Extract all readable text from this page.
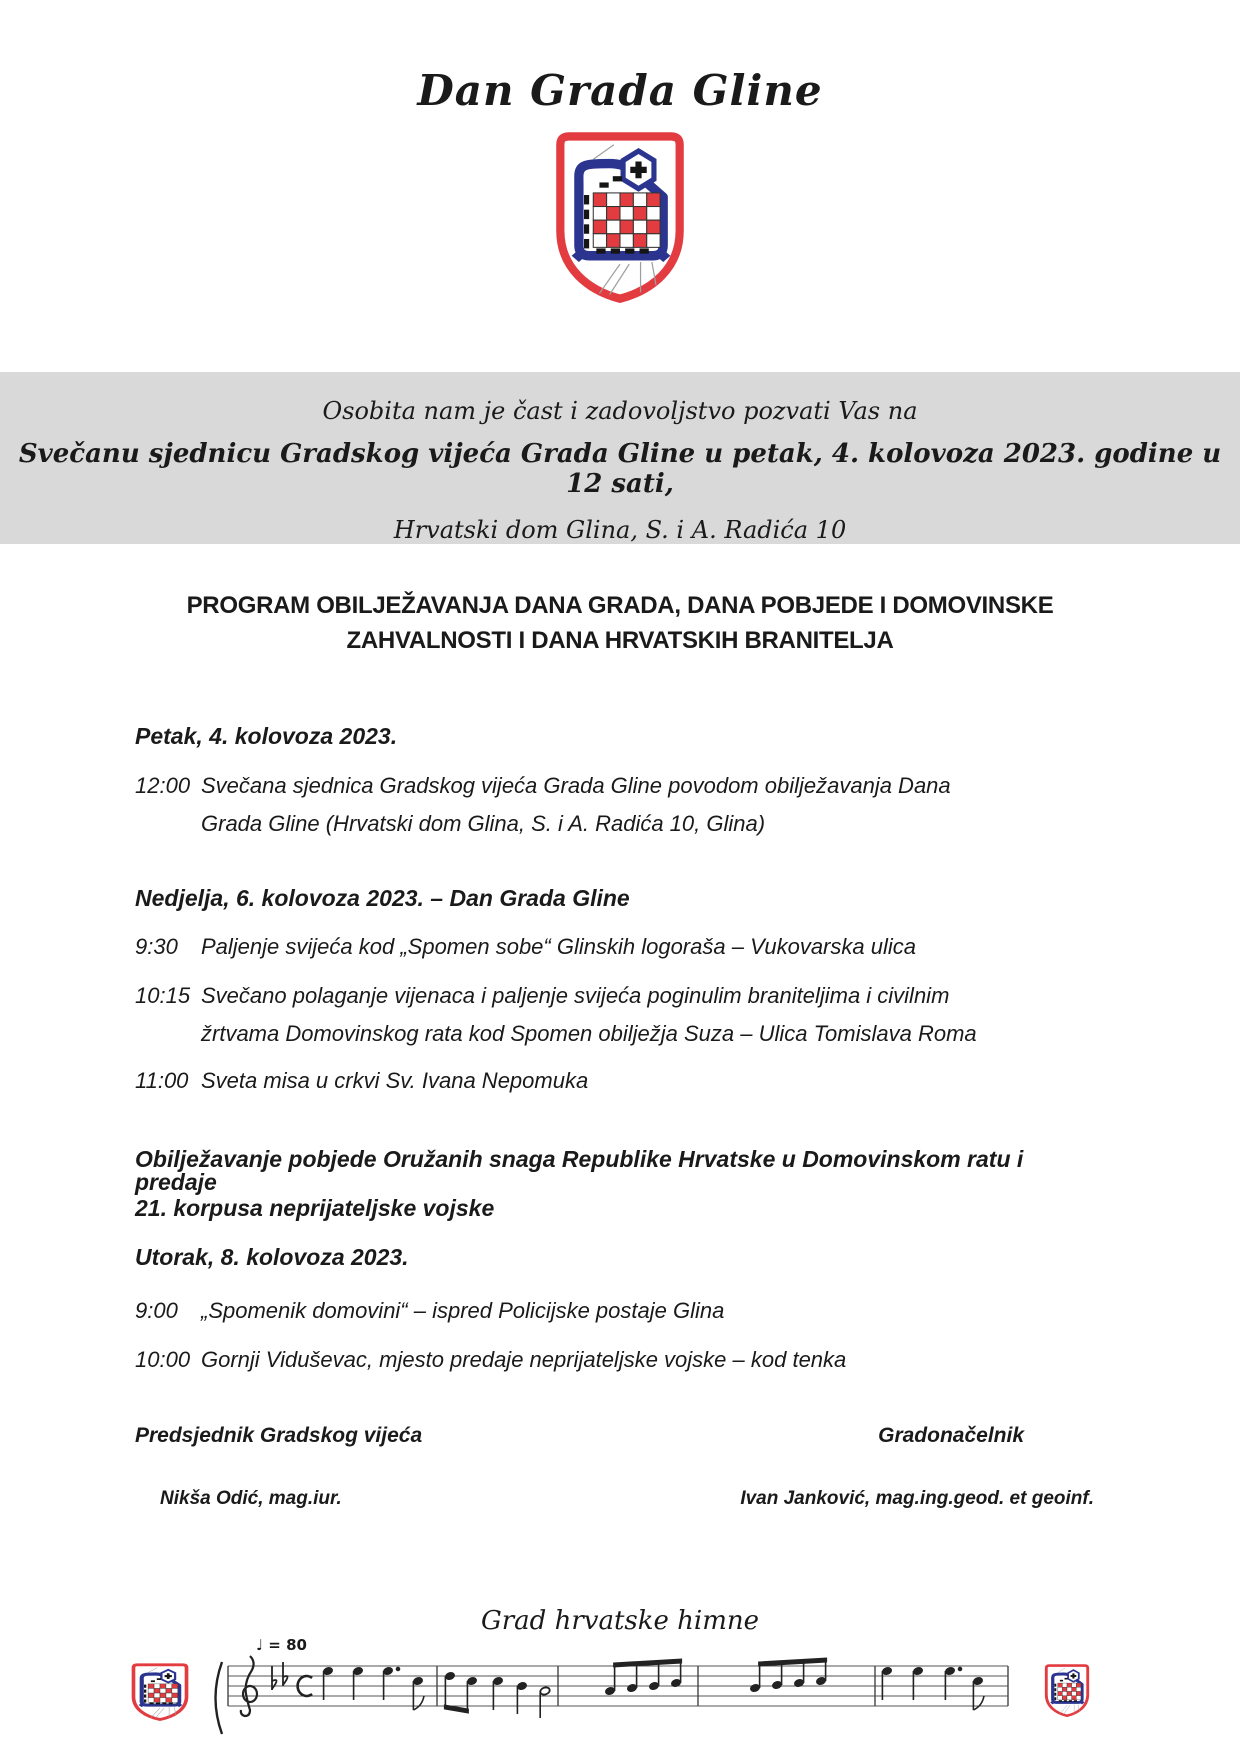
Dan Grada Gline

Osobita nam je čast i zadovoljstvo pozvati Vas na

Svečanu sjednicu Gradskog vijeća Grada Gline u petak, 4. kolovoza 2023. godine u 12 sati,

Hrvatski dom Glina, S. i A. Radića 10

PROGRAM OBILJEŽAVANJA DANA GRADA, DANA POBJEDE I DOMOVINSKE ZAHVALNOSTI I DANA HRVATSKIH BRANITELJA
Petak, 4. kolovoza 2023.
12:00 Svečana sjednica Gradskog vijeća Grada Gline povodom obilježavanja Dana Grada Gline (Hrvatski dom Glina, S. i A. Radića 10, Glina)
Nedjelja, 6. kolovoza 2023. – Dan Grada Gline
9:30	Paljenje svijeća kod „Spomen sobe“ Glinskih logoraša – Vukovarska ulica
10:15 Svečano polaganje vijenaca i paljenje svijeća poginulim braniteljima i civilnim žrtvama Domovinskog rata kod Spomen obilježja Suza – Ulica Tomislava Roma
11:00 Sveta misa u crkvi Sv. Ivana Nepomuka
Obilježavanje pobjede Oružanih snaga Republike Hrvatske u Domovinskom ratu i predaje
21. korpusa neprijateljske vojske
Utorak, 8. kolovoza 2023.
9:00	„Spomenik domovini“ – ispred Policijske postaje Glina
10:00 Gornji Viduševac, mjesto predaje neprijateljske vojske – kod tenka
Predsjednik Gradskog vijeća	Gradonačelnik
Nikša Odić, mag.iur.	Ivan Janković, mag.ing.geod. et geoinf.
Grad hrvatske himne
♩ = 80
